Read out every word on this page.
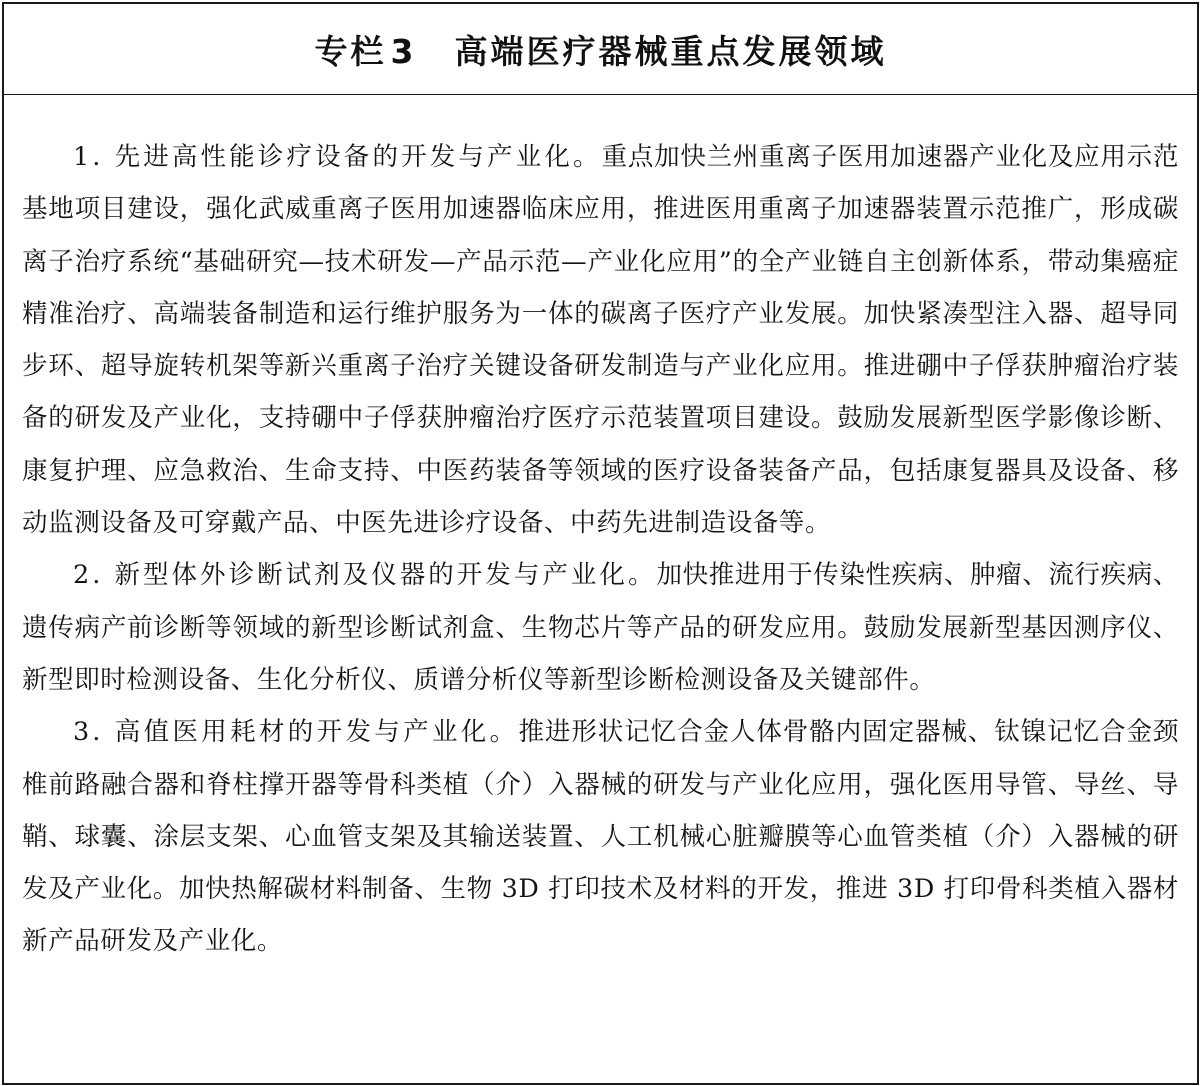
专栏 3 高端医疗器械重点发展领域

1. 先进高性能诊疗设备的开发与产业化。重点加快兰州重离子医用加速器产业化及应用示范基地项目建设，强化武威重离子医用加速器临床应用，推进医用重离子加速器装置示范推广，形成碳离子治疗系统“基础研究—技术研发—产品示范—产业化应用”的全产业链自主创新体系，带动集癌症精准治疗、高端装备制造和运行维护服务为一体的碳离子医疗产业发展。加快紧凑型注入器、超导同步环、超导旋转机架等新兴重离子治疗关键设备研发制造与产业化应用。推进硼中子俘获肿瘤治疗装备的研发及产业化，支持硼中子俘获肿瘤治疗医疗示范装置项目建设。鼓励发展新型医学影像诊断、康复护理、应急救治、生命支持、中医药装备等领域的医疗设备装备产品，包括康复器具及设备、移动监测设备及可穿戴产品、中医先进诊疗设备、中药先进制造设备等。

2. 新型体外诊断试剂及仪器的开发与产业化。加快推进用于传染性疾病、肿瘤、流行疾病、遗传病产前诊断等领域的新型诊断试剂盒、生物芯片等产品的研发应用。鼓励发展新型基因测序仪、新型即时检测设备、生化分析仪、质谱分析仪等新型诊断检测设备及关键部件。

3. 高值医用耗材的开发与产业化。推进形状记忆合金人体骨骼内固定器械、钛镍记忆合金颈椎前路融合器和脊柱撑开器等骨科类植（介）入器械的研发与产业化应用，强化医用导管、导丝、导鞘、球囊、涂层支架、心血管支架及其输送装置、人工机械心脏瓣膜等心血管类植（介）入器械的研发及产业化。加快热解碳材料制备、生物 3D 打印技术及材料的开发，推进 3D 打印骨科类植入器材新产品研发及产业化。
